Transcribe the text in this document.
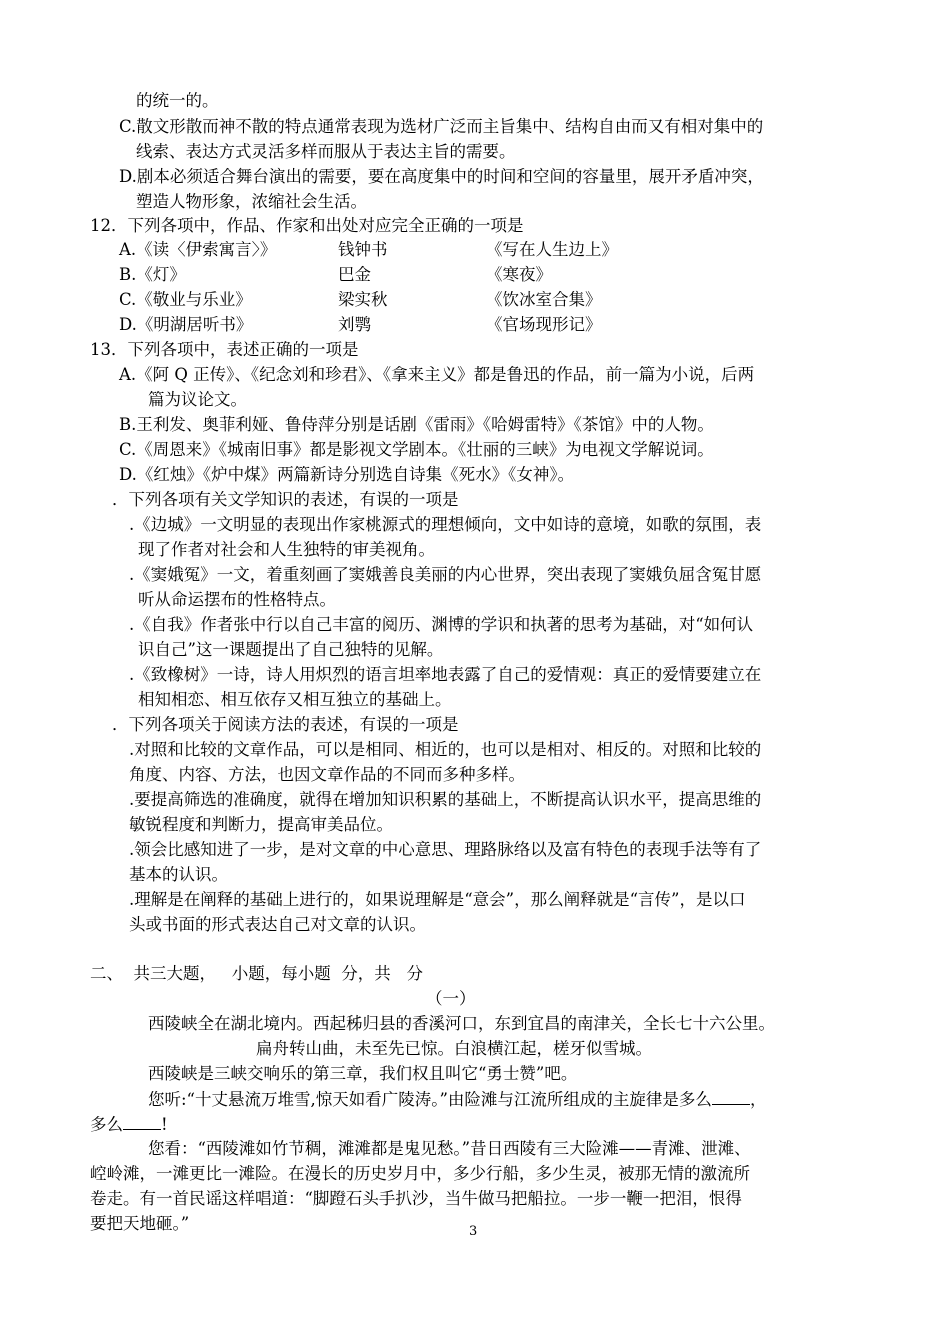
的统一的。
C.散文形散而神不散的特点通常表现为选材广泛而主旨集中、结构自由而又有相对集中的
线索、表达方式灵活多样而服从于表达主旨的需要。
D.剧本必须适合舞台演出的需要，要在高度集中的时间和空间的容量里，展开矛盾冲突，
塑造人物形象，浓缩社会生活。
12．下列各项中，作品、作家和出处对应完全正确的一项是
A.《读〈伊索寓言〉》	钱钟书	《写在人生边上》
B.《灯》	巴金	《寒夜》
C.《敬业与乐业》	梁实秋	《饮冰室合集》
D.《明湖居听书》	刘鹗	《官场现形记》
13．下列各项中，表述正确的一项是
A.《阿 Q 正传》、《纪念刘和珍君》、《拿来主义》都是鲁迅的作品，前一篇为小说，后两
篇为议论文。
B.王利发、奥菲利娅、鲁侍萍分别是话剧《雷雨》《哈姆雷特》《茶馆》中的人物。
C.《周恩来》《城南旧事》都是影视文学剧本。《壮丽的三峡》为电视文学解说词。
D.《红烛》《炉中煤》两篇新诗分别选自诗集《死水》《女神》。
．下列各项有关文学知识的表述，有误的一项是
.《边城》一文明显的表现出作家桃源式的理想倾向，文中如诗的意境，如歌的氛围，表
现了作者对社会和人生独特的审美视角。
.《窦娥冤》一文，着重刻画了窦娥善良美丽的内心世界，突出表现了窦娥负屈含冤甘愿
听从命运摆布的性格特点。
.《自我》作者张中行以自己丰富的阅历、渊博的学识和执著的思考为基础，对“如何认
识自己”这一课题提出了自己独特的见解。
.《致橡树》一诗，诗人用炽烈的语言坦率地表露了自己的爱情观：真正的爱情要建立在
相知相恋、相互依存又相互独立的基础上。
．下列各项关于阅读方法的表述，有误的一项是
.对照和比较的文章作品，可以是相同、相近的，也可以是相对、相反的。对照和比较的
角度、内容、方法，也因文章作品的不同而多种多样。
.要提高筛选的准确度，就得在增加知识积累的基础上，不断提高认识水平，提高思维的
敏锐程度和判断力，提高审美品位。
.领会比感知进了一步，是对文章的中心意思、理路脉络以及富有特色的表现手法等有了
基本的认识。
.理解是在阐释的基础上进行的，如果说理解是“意会”，那么阐释就是“言传”，是以口
头或书面的形式表达自己对文章的认识。
二、  共三大题，   小题，每小题  分，共   分
（一）
西陵峡全在湖北境内。西起秭归县的香溪河口，东到宜昌的南津关，全长七十六公里。
扁舟转山曲，未至先已惊。白浪横江起，槎牙似雪城。
西陵峡是三峡交响乐的第三章，我们权且叫它“勇士赞”吧。
您听:“十丈悬流万堆雪,惊天如看广陵涛。”由险滩与江流所组成的主旋律是多么 ，
多么 !
您看：“西陵滩如竹节稠，滩滩都是鬼见愁。”昔日西陵有三大险滩——青滩、泄滩、
崆岭滩，一滩更比一滩险。在漫长的历史岁月中，多少行船，多少生灵，被那无情的激流所
卷走。有一首民谣这样唱道：“脚蹬石头手扒沙，当牛做马把船拉。一步一鞭一把泪，恨得
要把天地砸。”	3
